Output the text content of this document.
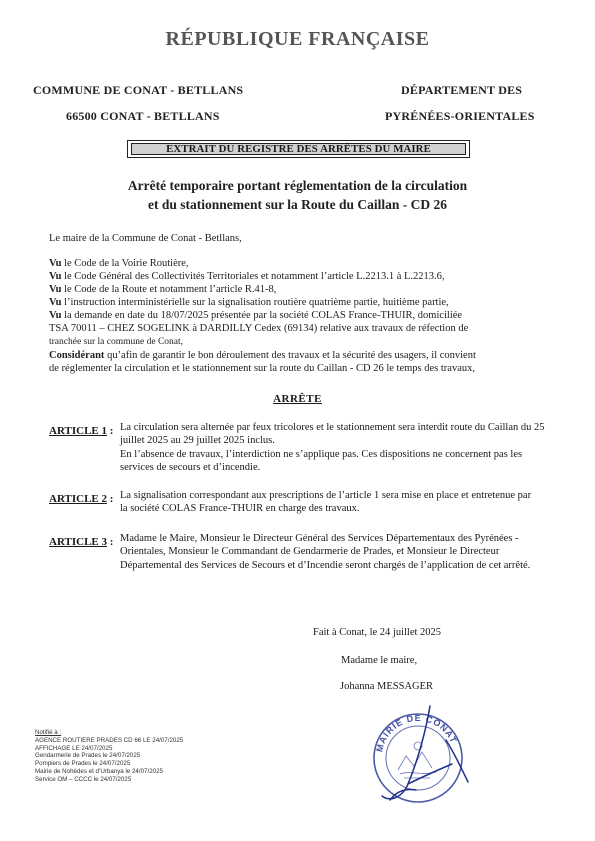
RÉPUBLIQUE FRANÇAISE
COMMUNE DE CONAT - BETLLANS
66500 CONAT - BETLLANS
DÉPARTEMENT DES
PYRÉNÉES-ORIENTALES
EXTRAIT DU REGISTRE DES ARRÊTES DU MAIRE
Arrêté temporaire portant réglementation de la circulation
et du stationnement sur la Route du Caillan - CD 26
Le maire de la Commune de Conat - Betllans,
Vu le Code de la Voirie Routière,
Vu le Code Général des Collectivités Territoriales et notamment l’article L.2213.1 à L.2213.6,
Vu le Code de la Route et notamment l’article R.41-8,
Vu l’instruction interministérielle sur la signalisation routière quatrième partie, huitième partie,
Vu la demande en date du 18/07/2025 présentée par la société COLAS France-THUIR, domiciliée
TSA 70011 – CHEZ SOGELINK à DARDILLY Cedex (69134) relative aux travaux de réfection de
tranchée sur la commune de Conat,
Considérant qu’afin de garantir le bon déroulement des travaux et la sécurité des usagers, il convient
de réglementer la circulation et le stationnement sur la route du Caillan - CD 26 le temps des travaux,
ARRÊTE
ARTICLE 1 : La circulation sera alternée par feux tricolores et le stationnement sera interdit route du Caillan du 25 juillet 2025 au 29 juillet 2025 inclus.
En l’absence de travaux, l’interdiction ne s’applique pas. Ces dispositions ne concernent pas les services de secours et d’incendie.
ARTICLE 2 : La signalisation correspondant aux prescriptions de l’article 1 sera mise en place et entretenue par la société COLAS France-THUIR en charge des travaux.
ARTICLE 3 : Madame le Maire, Monsieur le Directeur Général des Services Départementaux des Pyrénées - Orientales, Monsieur le Commandant de Gendarmerie de Prades, et Monsieur le Directeur Départemental des Services de Secours et d’Incendie seront chargés de l’application de cet arrêté.
Fait à Conat, le 24 juillet 2025
Madame le maire,
Johanna MESSAGER
MAIRIE DE CONAT
Notifié à :
AGENCE ROUTIERE PRADES CD 66 LE 24/07/2025
AFFICHAGE LE 24/07/2025
Gendarmerie de Prades le 24/07/2025
Pompiers de Prades le 24/07/2025
Mairie de Nohèdes et d’Urbanya le 24/07/2025
Service OM – CCCC le 24/07/2025
